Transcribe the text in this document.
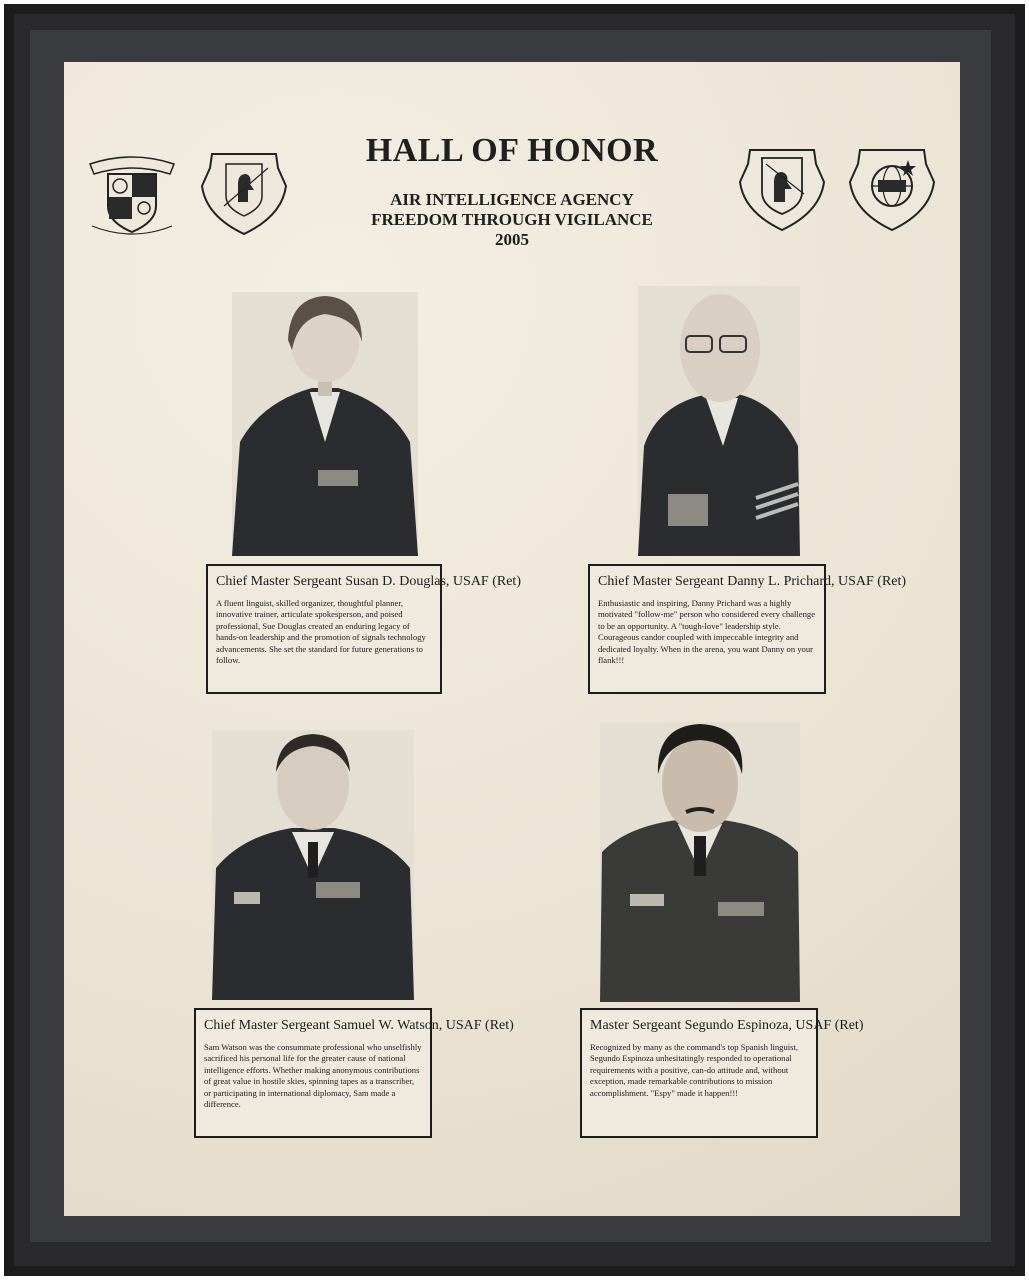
HALL OF HONOR
AIR INTELLIGENCE AGENCY
FREEDOM THROUGH VIGILANCE
2005
Chief Master Sergeant Susan D. Douglas, USAF (Ret)
A fluent linguist, skilled organizer, thoughtful planner, innovative trainer, articulate spokesperson, and poised professional, Sue Douglas created an enduring legacy of hands-on leadership and the promotion of signals technology advancements. She set the standard for future generations to follow.
Chief Master Sergeant Danny L. Prichard, USAF (Ret)
Enthusiastic and inspiring, Danny Prichard was a highly motivated "follow-me" person who considered every challenge to be an opportunity. A "tough-love" leadership style. Courageous candor coupled with impeccable integrity and dedicated loyalty. When in the arena, you want Danny on your flank!!!
Chief Master Sergeant Samuel W. Watson, USAF (Ret)
Sam Watson was the consummate professional who unselfishly sacrificed his personal life for the greater cause of national intelligence efforts. Whether making anonymous contributions of great value in hostile skies, spinning tapes as a transcriber, or participating in international diplomacy, Sam made a difference.
Master Sergeant Segundo Espinoza, USAF (Ret)
Recognized by many as the command's top Spanish linguist, Segundo Espinoza unhesitatingly responded to operational requirements with a positive, can-do attitude and, without exception, made remarkable contributions to mission accomplishment. "Espy" made it happen!!!
